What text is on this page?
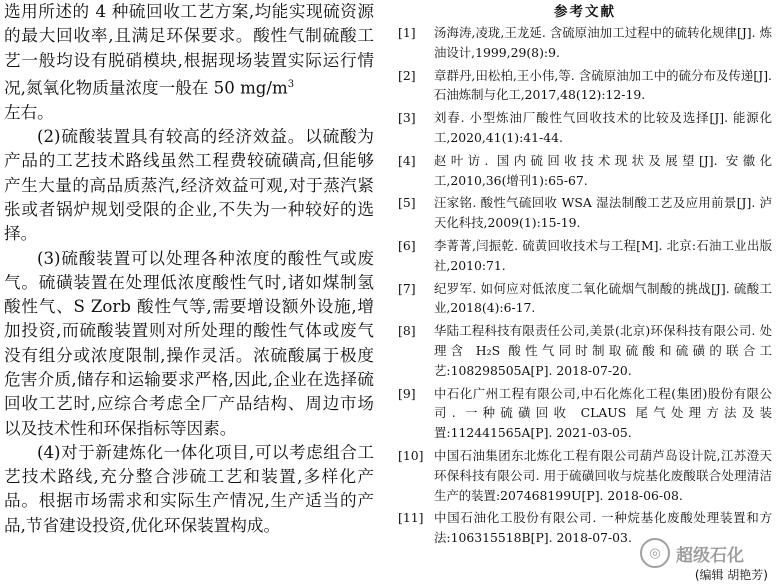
选用所述的 4 种硫回收工艺方案,均能实现硫资源的最大回收率,且满足环保要求。酸性气制硫酸工艺一般均设有脱硝模块,根据现场装置实际运行情况,氮氧化物质量浓度一般在 50 $mg/m^3$
左右。

(2)硫酸装置具有较高的经济效益。以硫酸为产品的工艺技术路线虽然工程费较硫磺高,但能够产生大量的高品质蒸汽,经济效益可观,对于蒸汽紧张或者锅炉规划受限的企业,不失为一种较好的选择。

(3)硫酸装置可以处理各种浓度的酸性气或废气。硫磺装置在处理低浓度酸性气时,诸如煤制氢酸性气、S Zorb 酸性气等,需要增设额外设施,增加投资,而硫酸装置则对所处理的酸性气体或废气没有组分或浓度限制,操作灵活。浓硫酸属于极度危害介质,储存和运输要求严格,因此,企业在选择硫回收工艺时,应综合考虑全厂产品结构、周边市场以及技术性和环保指标等因素。

(4)对于新建炼化一体化项目,可以考虑组合工艺技术路线,充分整合涉硫工艺和装置,多样化产品。根据市场需求和实际生产情况,生产适当的产品,节省建设投资,优化环保装置构成。

参考文献
[1]	汤海涛,凌珑,王龙延. 含硫原油加工过程中的硫转化规律[J]. 炼油设计,1999,29(8):9.
[2]	章群丹,田松柏,王小伟,等. 含硫原油加工中的硫分布及传递[J]. 石油炼制与化工,2017,48(12):12-19.
[3]	刘春. 小型炼油厂酸性气回收技术的比较及选择[J]. 能源化工,2020,41(1):41-44.
[4]	赵叶访. 国内硫回收技术现状及展望[J]. 安徽化工,2010,36(增刊1):65-67.
[5]	汪家铭. 酸性气硫回收 WSA 湿法制酸工艺及应用前景[J]. 泸天化科技,2009(1):15-19.
[6]	李菁菁,闫振乾. 硫黄回收技术与工程[M]. 北京:石油工业出版社,2010:71.
[7]	纪罗军. 如何应对低浓度二氧化硫烟气制酸的挑战[J]. 硫酸工业,2018(4):6-17.
[8]	华陆工程科技有限责任公司,美景(北京)环保科技有限公司. 处理含 H₂S 酸性气同时制取硫酸和硫磺的联合工艺:108298505A[P]. 2018-07-20.
[9]	中石化广州工程有限公司,中石化炼化工程(集团)股份有限公司. 一种硫磺回收 CLAUS 尾气处理方法及装置:112441565A[P]. 2021-03-05.
[10] 中国石油集团东北炼化工程有限公司葫芦岛设计院,江苏澄天环保科技有限公司. 用于硫磺回收与烷基化废酸联合处理清洁生产的装置:207468199U[P]. 2018-06-08.
[11] 中国石油化工股份有限公司. 一种烷基化废酸处理装置和方法:106315518B[P]. 2018-07-03.
(编辑 胡艳芳)
◎ 超级石化
